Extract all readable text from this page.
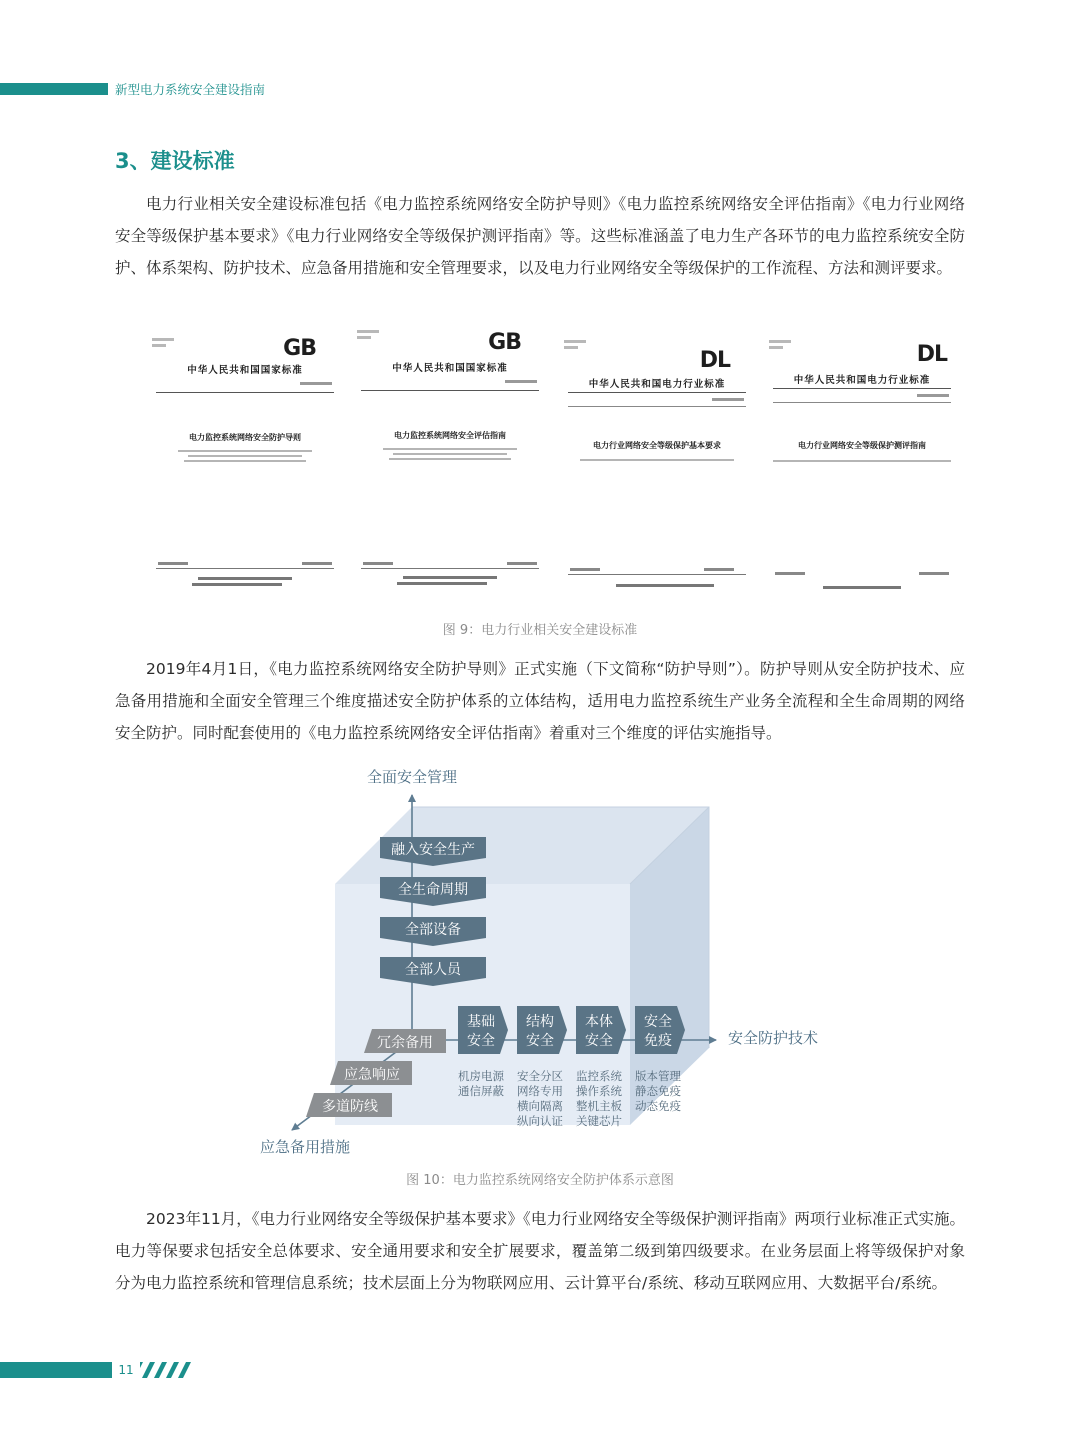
新型电力系统安全建设指南
3、建设标准

电力行业相关安全建设标准包括《电力监控系统网络安全防护导则》《电力监控系统网络安全评估指南》《电力行业网络安全等级保护基本要求》《电力行业网络安全等级保护测评指南》等。这些标准涵盖了电力生产各环节的电力监控系统安全防护、体系架构、防护技术、应急备用措施和安全管理要求，以及电力行业网络安全等级保护的工作流程、方法和测评要求。

GB
中华人民共和国国家标准
电力监控系统网络安全防护导则
GB
中华人民共和国国家标准
电力监控系统网络安全评估指南
DL
中华人民共和国电力行业标准
电力行业网络安全等级保护基本要求
DL
中华人民共和国电力行业标准
电力行业网络安全等级保护测评指南
图 9：电力行业相关安全建设标准

2019年4月1日，《电力监控系统网络安全防护导则》正式实施（下文简称“防护导则”）。防护导则从安全防护技术、应急备用措施和全面安全管理三个维度描述安全防护体系的立体结构，适用电力监控系统生产业务全流程和全生命周期的网络安全防护。同时配套使用的《电力监控系统网络安全评估指南》着重对三个维度的评估实施指导。

全面安全管理
安全防护技术
应急备用措施
融入安全生产
全生命周期
全部设备
全部人员
基础
安全
结构
安全
本体
安全
安全
免疫
机房电源
通信屏蔽
安全分区
网络专用
横向隔离
纵向认证
监控系统
操作系统
整机主板
关键芯片
版本管理
静态免疫
动态免疫
冗余备用
应急响应
多道防线
图 10：电力监控系统网络安全防护体系示意图

2023年11月，《电力行业网络安全等级保护基本要求》《电力行业网络安全等级保护测评指南》两项行业标准正式实施。电力等保要求包括安全总体要求、安全通用要求和安全扩展要求，覆盖第二级到第四级要求。在业务层面上将等级保护对象分为电力监控系统和管理信息系统；技术层面上分为物联网应用、云计算平台/系统、移动互联网应用、大数据平台/系统。

11
